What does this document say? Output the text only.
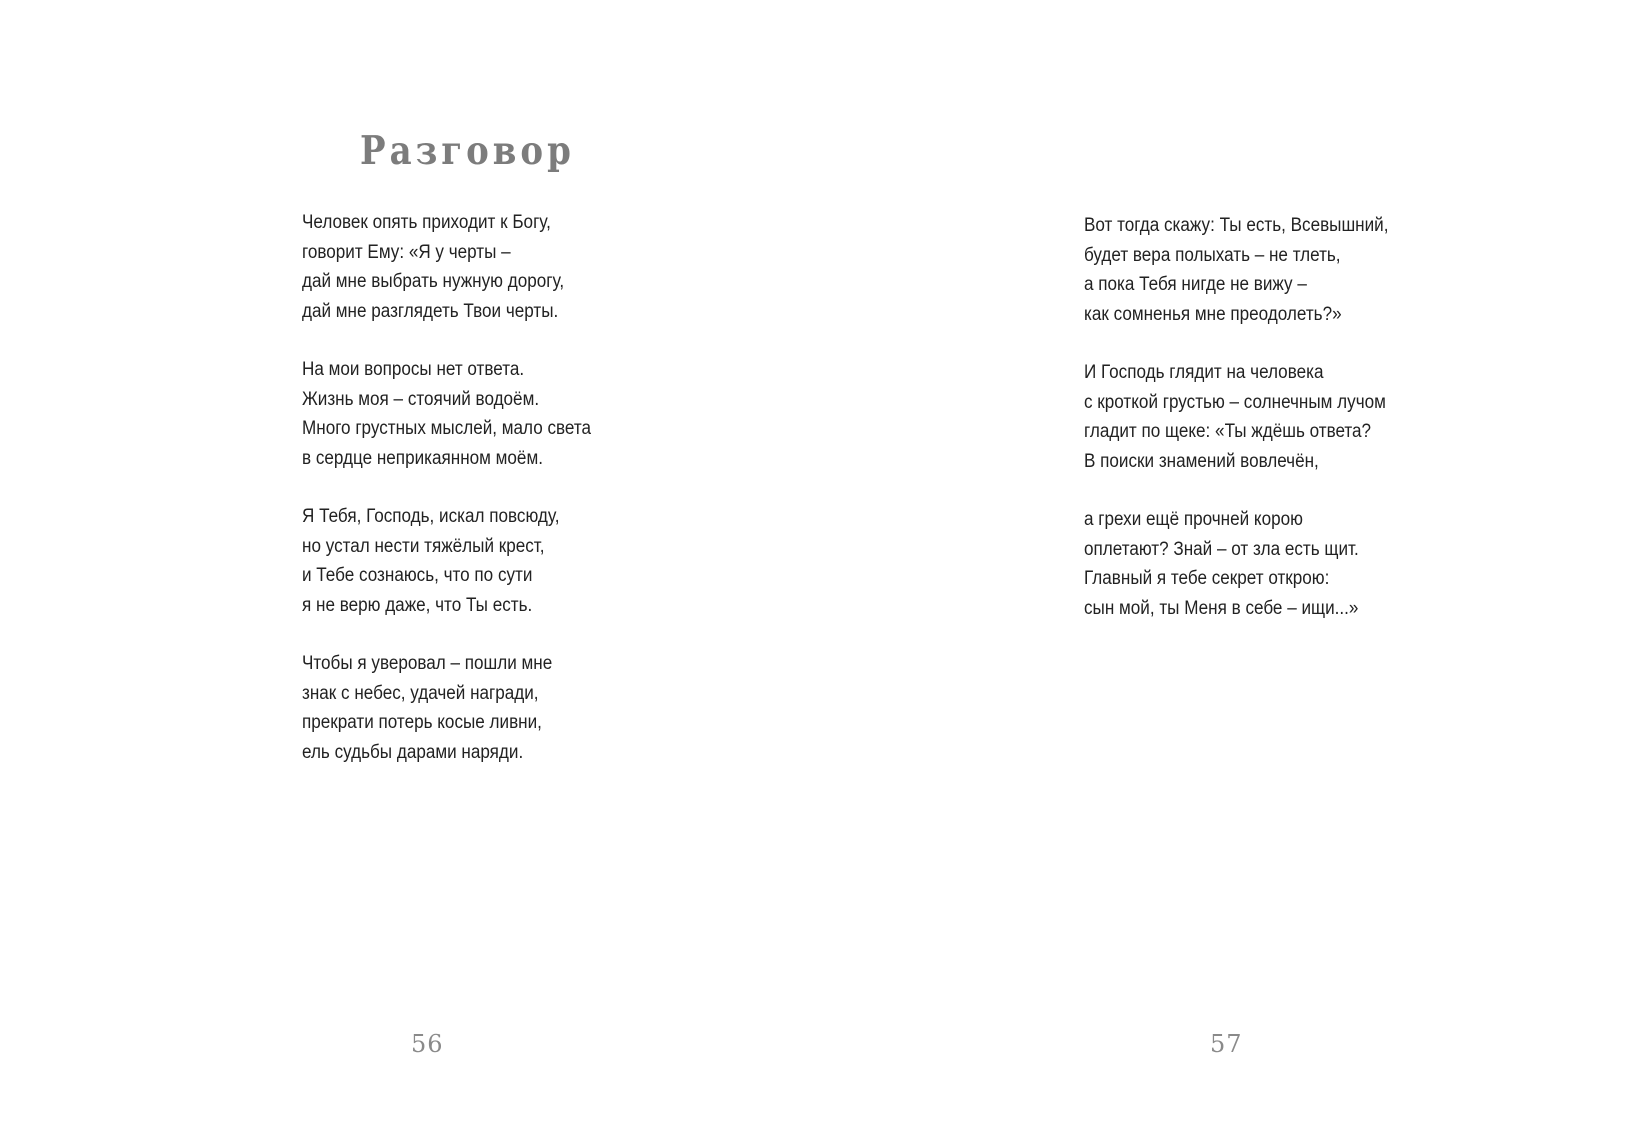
Разговор
Человек опять приходит к Богу,
говорит Ему: «Я у черты –
дай мне выбрать нужную дорогу,
дай мне разглядеть Твои черты.
На мои вопросы нет ответа.
Жизнь моя – стоячий водоём.
Много грустных мыслей, мало света
в сердце неприкаянном моём.
Я Тебя, Господь, искал повсюду,
но устал нести тяжёлый крест,
и Тебе сознаюсь, что по сути
я не верю даже, что Ты есть.
Чтобы я уверовал – пошли мне
знак с небес, удачей награди,
прекрати потерь косые ливни,
ель судьбы дарами наряди.
56
Вот тогда скажу: Ты есть, Всевышний,
будет вера полыхать – не тлеть,
а пока Тебя нигде не вижу –
как сомненья мне преодолеть?»
И Господь глядит на человека
с кроткой грустью – солнечным лучом
гладит по щеке: «Ты ждёшь ответа?
В поиски знамений вовлечён,
а грехи ещё прочней корою
оплетают? Знай – от зла есть щит.
Главный я тебе секрет открою:
сын мой, ты Меня в себе – ищи...»
57
